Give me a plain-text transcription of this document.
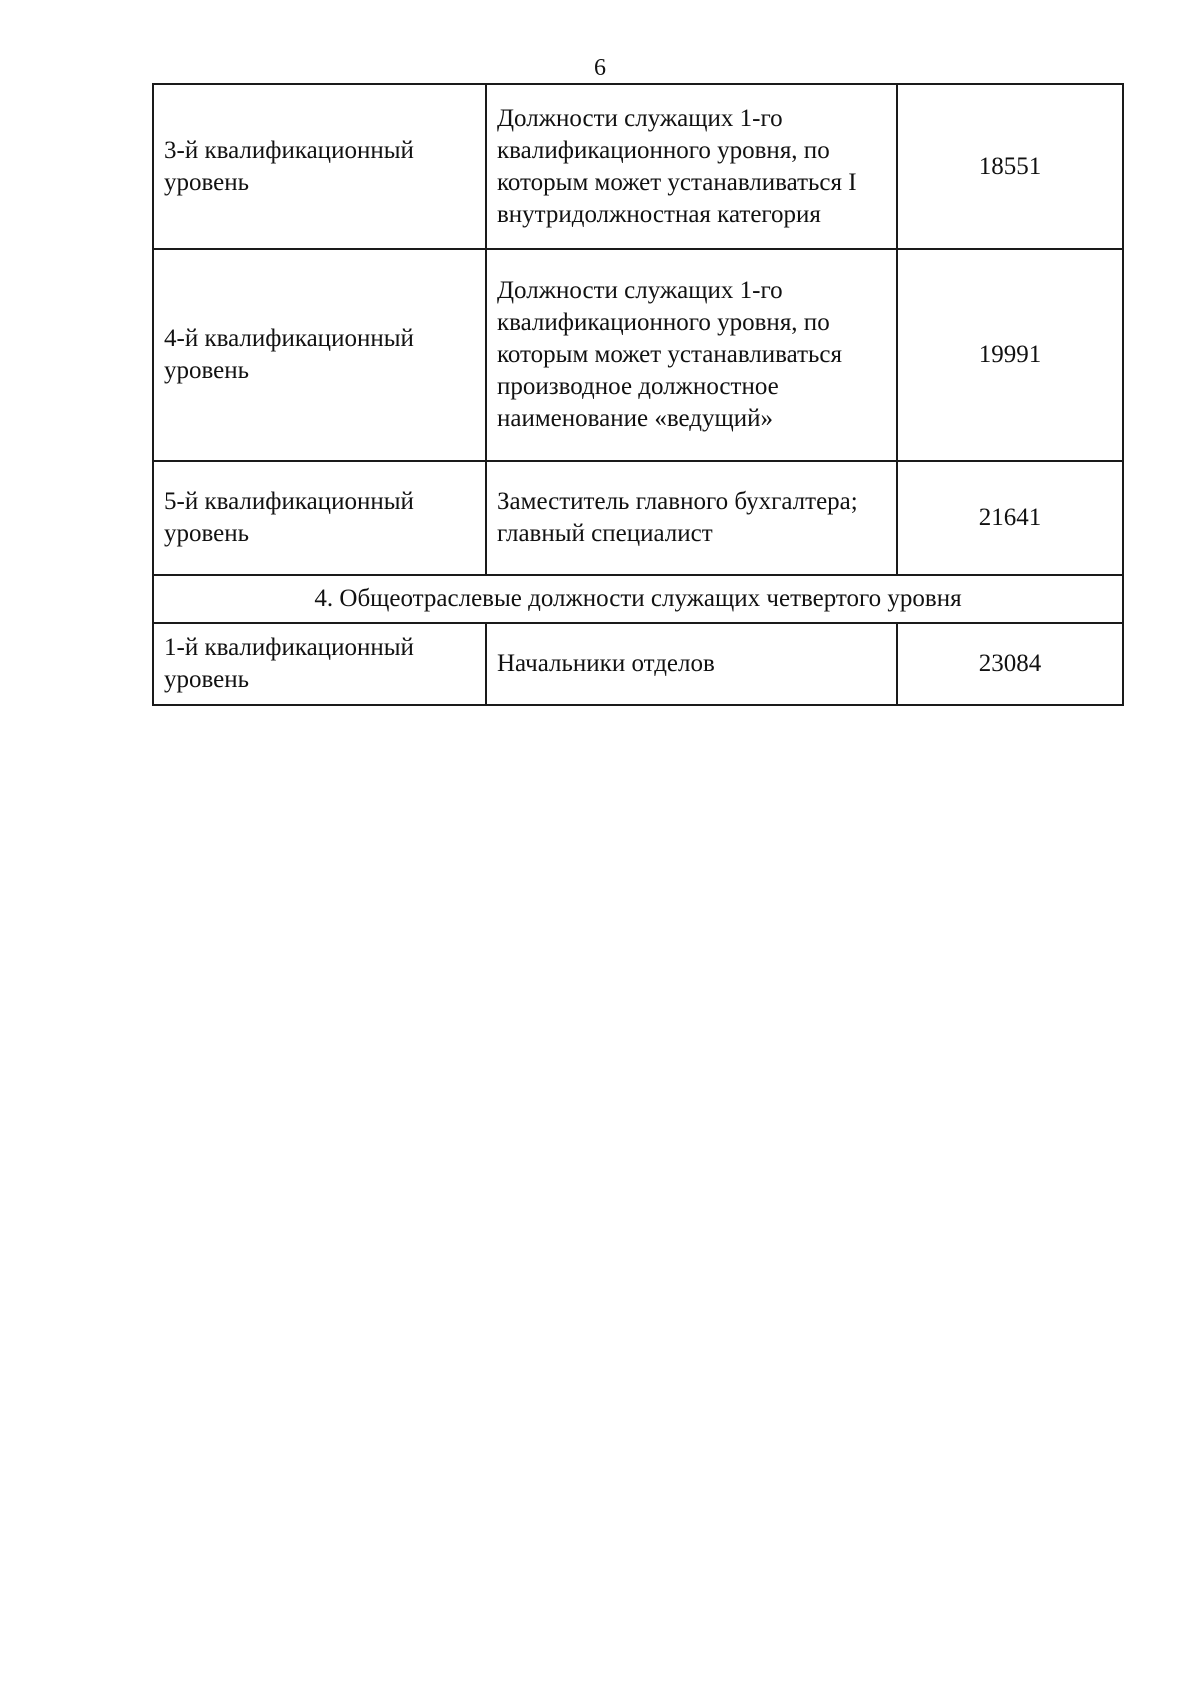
6
3-й квалификационный уровень	Должности служащих 1-го квалификационного уровня, по которым может устанавливаться I внутридолжностная категория	18551
4-й квалификационный уровень	Должности служащих 1-го квалификационного уровня, по которым может устанавливаться производное должностное наименование «ведущий»	19991
5-й квалификационный уровень	Заместитель главного бухгалтера; главный специалист	21641
4. Общеотраслевые должности служащих четвертого уровня		
1-й квалификационный уровень	Начальники отделов	23084
